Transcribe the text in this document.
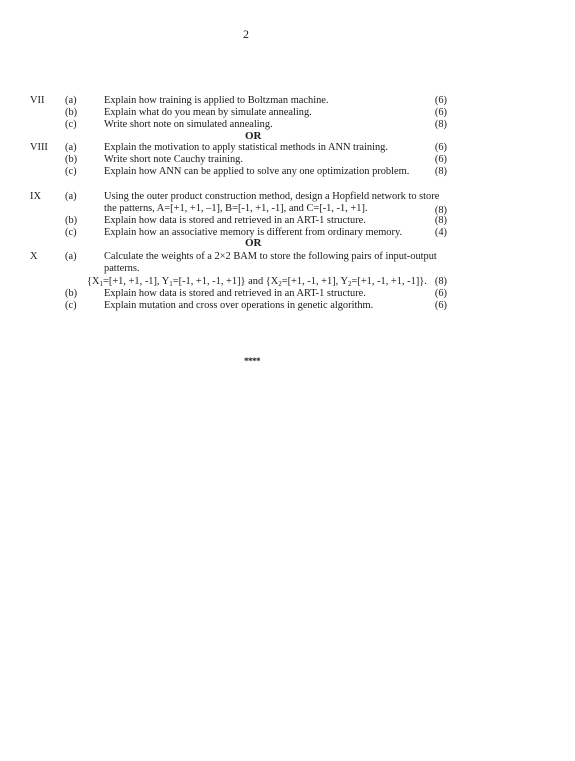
2
VII (a)	Explain how training is applied to Boltzman machine.	(6)
(b)	Explain what do you mean by simulate annealing.	(6)
(c)	Write short note on simulated annealing.	(8)
OR
VIII (a)	Explain the motivation to apply statistical methods in ANN training.	(6)
(b)	Write short note Cauchy training.	(6)
(c)	Explain how ANN can be applied to solve any one optimization problem. (8)
IX (a)	Using the outer product construction method, design a Hopfield network to store
the patterns, A=[+1, +1, –1], B=[-1, +1, -1], and C=[-1, -1, +1].	(8)
(b)	Explain how data is stored and retrieved in an ART-1 structure.	(8)
(c)	Explain how an associative memory is different from ordinary memory.	(4)
OR
X	(a)	Calculate the weights of a 2×2 BAM to store the following pairs of input-output
patterns.
{$X_1=[+1$, +1, -1], $Y_1=[-1$, +1, -1, +1]} and {$X_2=[+1$, -1, +1], $Y_2=[+1$, -1, +1, -1]}. (8)
(b)	Explain how data is stored and retrieved in an ART-1 structure.	(6)
(c)	Explain mutation and cross over operations in genetic algorithm.	(6)
****
